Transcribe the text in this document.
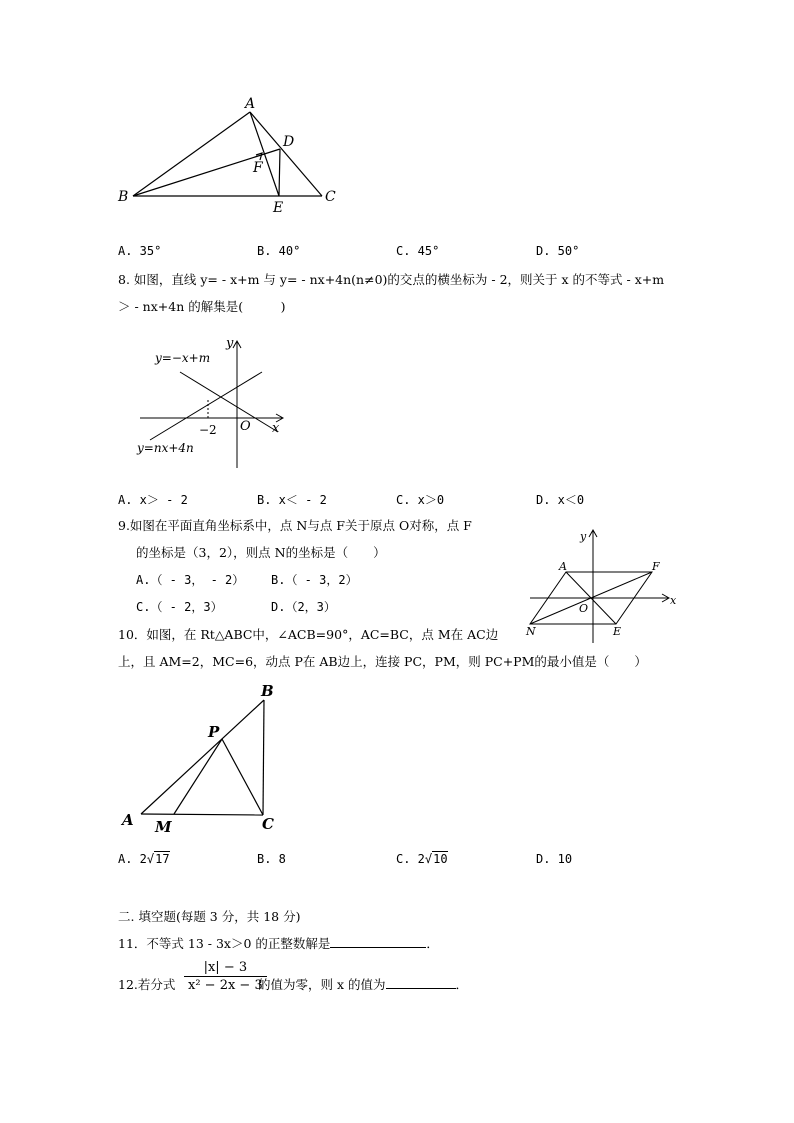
A
D
F
B
E
C
A. 35°	B. 40°	C. 45°	D. 50°
8. 如图，直线 y= - x+m 与 y= - nx+4n(n≠0)的交点的横坐标为 - 2，则关于 x 的不等式 - x+m
＞ - nx+4n 的解集是(　　　)
y
x
O
−2
y=−x+m
y=nx+4n
A. x＞ - 2	B. x＜ - 2	C. x＞0	D. x＜0
9.如图在平面直角坐标系中，点 N与点 F关于原点 O对称，点 F
的坐标是（3，2），则点 N的坐标是（　　）
A.（ - 3， - 2） B.（ - 3，2）
C.（ - 2，3）	D.（2，3）
y
x
A	F
O
N	E
10．如图，在 Rt△ABC中，∠ACB=90°，AC=BC，点 M在 AC边
上，且 AM=2，MC=6，动点 P在 AB边上，连接 PC，PM，则 PC+PM的最小值是（　　）
B
P
A M	C
A. 2√17	B. 8	C. 2√10	D. 10
二. 填空题(每题 3 分，共 18 分)
11．不等式 13 - 3x＞0 的正整数解是	．
12.若分式
|x| − 3
x² − 2x − 3
的值为零，则 x 的值为	．
